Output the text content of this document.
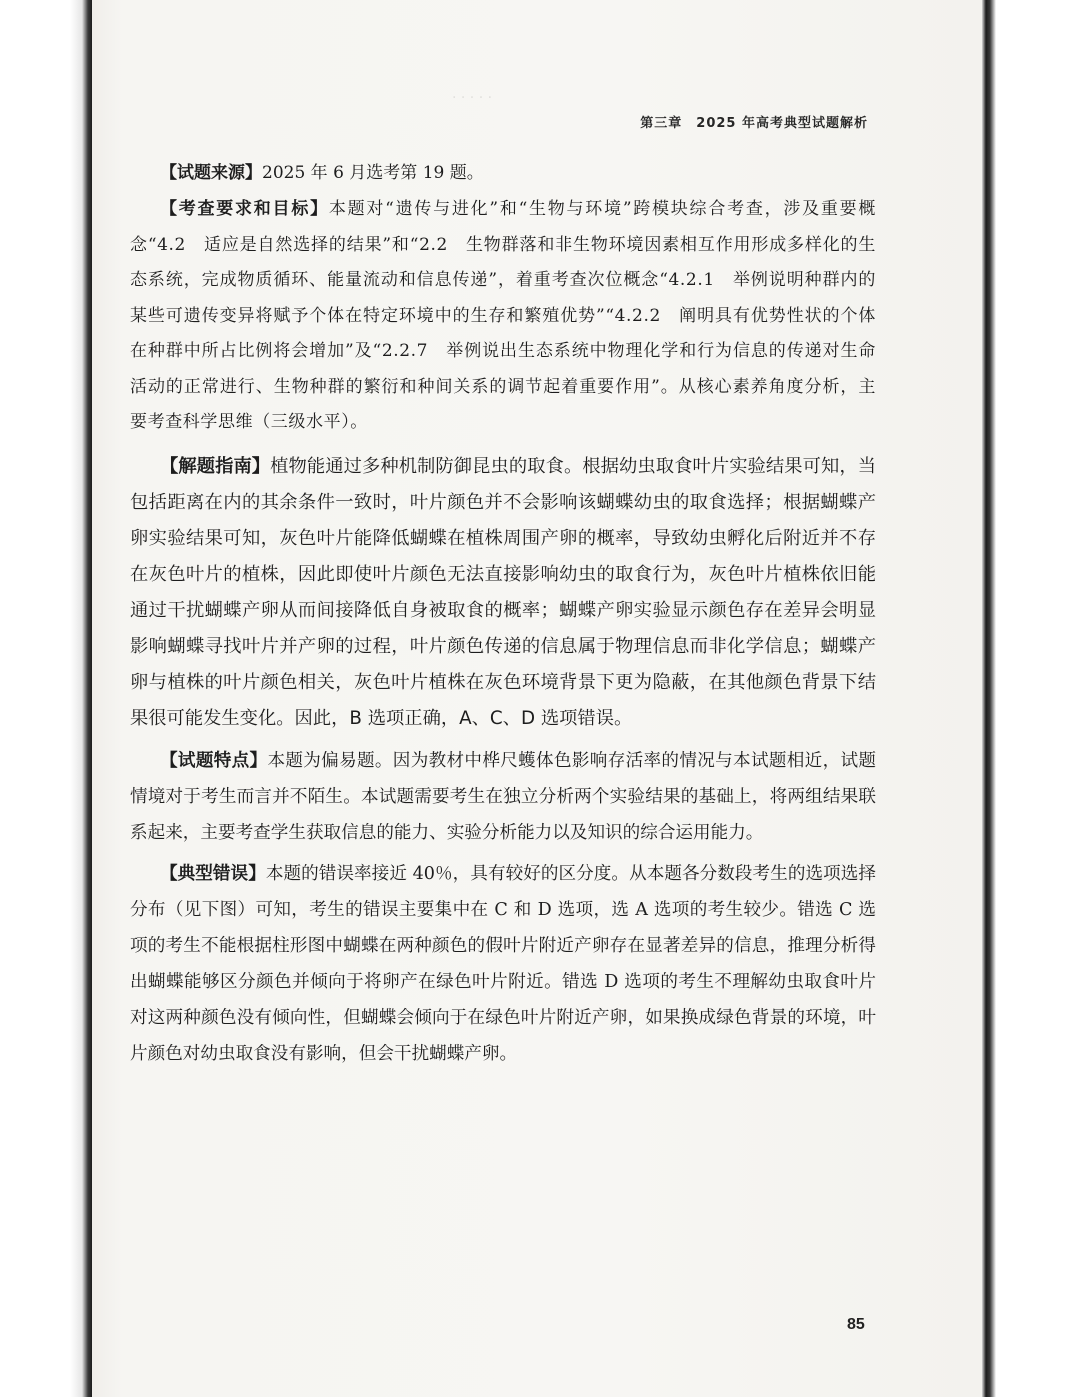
· · · · ·
第三章　2025 年高考典型试题解析

【试题来源】2025 年 6 月选考第 19 题。

【考查要求和目标】本题对“遗传与进化”和“生物与环境”跨模块综合考查，涉及重要概念“4.2　适应是自然选择的结果”和“2.2　生物群落和非生物环境因素相互作用形成多样化的生态系统，完成物质循环、能量流动和信息传递”，着重考查次位概念“4.2.1　举例说明种群内的某些可遗传变异将赋予个体在特定环境中的生存和繁殖优势”“4.2.2　阐明具有优势性状的个体在种群中所占比例将会增加”及“2.2.7　举例说出生态系统中物理化学和行为信息的传递对生命活动的正常进行、生物种群的繁衍和种间关系的调节起着重要作用”。从核心素养角度分析，主要考查科学思维（三级水平）。

【解题指南】植物能通过多种机制防御昆虫的取食。根据幼虫取食叶片实验结果可知，当包括距离在内的其余条件一致时，叶片颜色并不会影响该蝴蝶幼虫的取食选择；根据蝴蝶产卵实验结果可知，灰色叶片能降低蝴蝶在植株周围产卵的概率，导致幼虫孵化后附近并不存在灰色叶片的植株，因此即使叶片颜色无法直接影响幼虫的取食行为，灰色叶片植株依旧能通过干扰蝴蝶产卵从而间接降低自身被取食的概率；蝴蝶产卵实验显示颜色存在差异会明显影响蝴蝶寻找叶片并产卵的过程，叶片颜色传递的信息属于物理信息而非化学信息；蝴蝶产卵与植株的叶片颜色相关，灰色叶片植株在灰色环境背景下更为隐蔽，在其他颜色背景下结果很可能发生变化。因此，B 选项正确，A、C、D 选项错误。

【试题特点】本题为偏易题。因为教材中桦尺蠖体色影响存活率的情况与本试题相近，试题情境对于考生而言并不陌生。本试题需要考生在独立分析两个实验结果的基础上，将两组结果联系起来，主要考查学生获取信息的能力、实验分析能力以及知识的综合运用能力。

【典型错误】本题的错误率接近 40％，具有较好的区分度。从本题各分数段考生的选项选择分布（见下图）可知，考生的错误主要集中在 C 和 D 选项，选 A 选项的考生较少。错选 C 选项的考生不能根据柱形图中蝴蝶在两种颜色的假叶片附近产卵存在显著差异的信息，推理分析得出蝴蝶能够区分颜色并倾向于将卵产在绿色叶片附近。错选 D 选项的考生不理解幼虫取食叶片对这两种颜色没有倾向性，但蝴蝶会倾向于在绿色叶片附近产卵，如果换成绿色背景的环境，叶片颜色对幼虫取食没有影响，但会干扰蝴蝶产卵。

85
